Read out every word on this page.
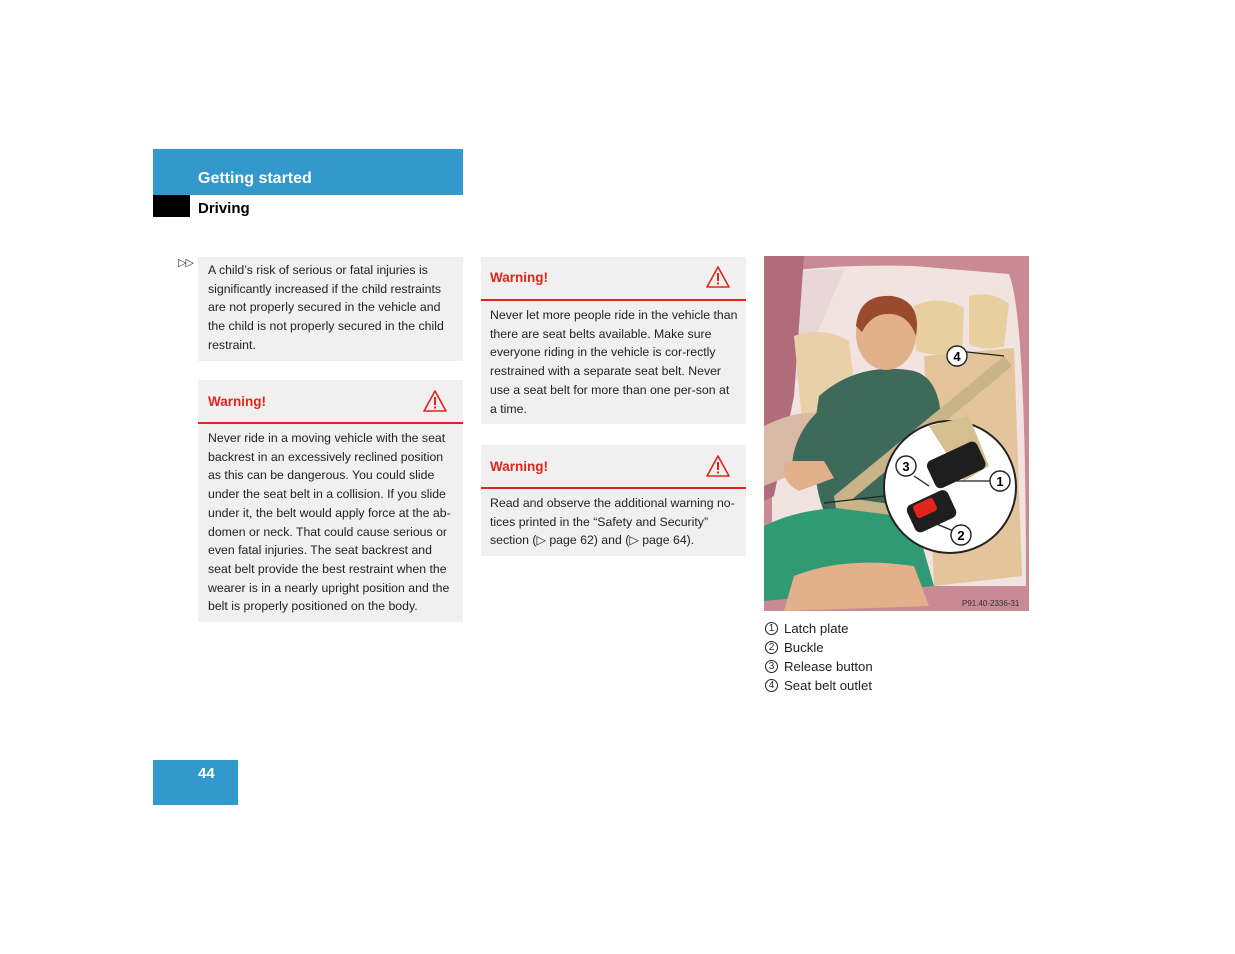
Getting started
Driving
▷▷	A child’s risk of serious or fatal injuries is significantly increased if the child restraints are not properly secured in the vehicle and the child is not properly secured in the child restraint.
Warning!
Never ride in a moving vehicle with the seat backrest in an excessively reclined position as this can be dangerous. You could slide under the seat belt in a collision. If you slide under it, the belt would apply force at the ab-domen or neck. That could cause serious or even fatal injuries. The seat backrest and seat belt provide the best restraint when the wearer is in a nearly upright position and the belt is properly positioned on the body.
Warning!
Never let more people ride in the vehicle than there are seat belts available. Make sure everyone riding in the vehicle is cor-rectly restrained with a separate seat belt. Never use a seat belt for more than one per-son at a time.
Warning!
Read and observe the additional warning no-tices printed in the “Safety and Security” section (▷ page 62) and (▷ page 64).
4
3
1
2
P91.40-2336-31
1 Latch plate
2 Buckle
3 Release button
4 Seat belt outlet
44
